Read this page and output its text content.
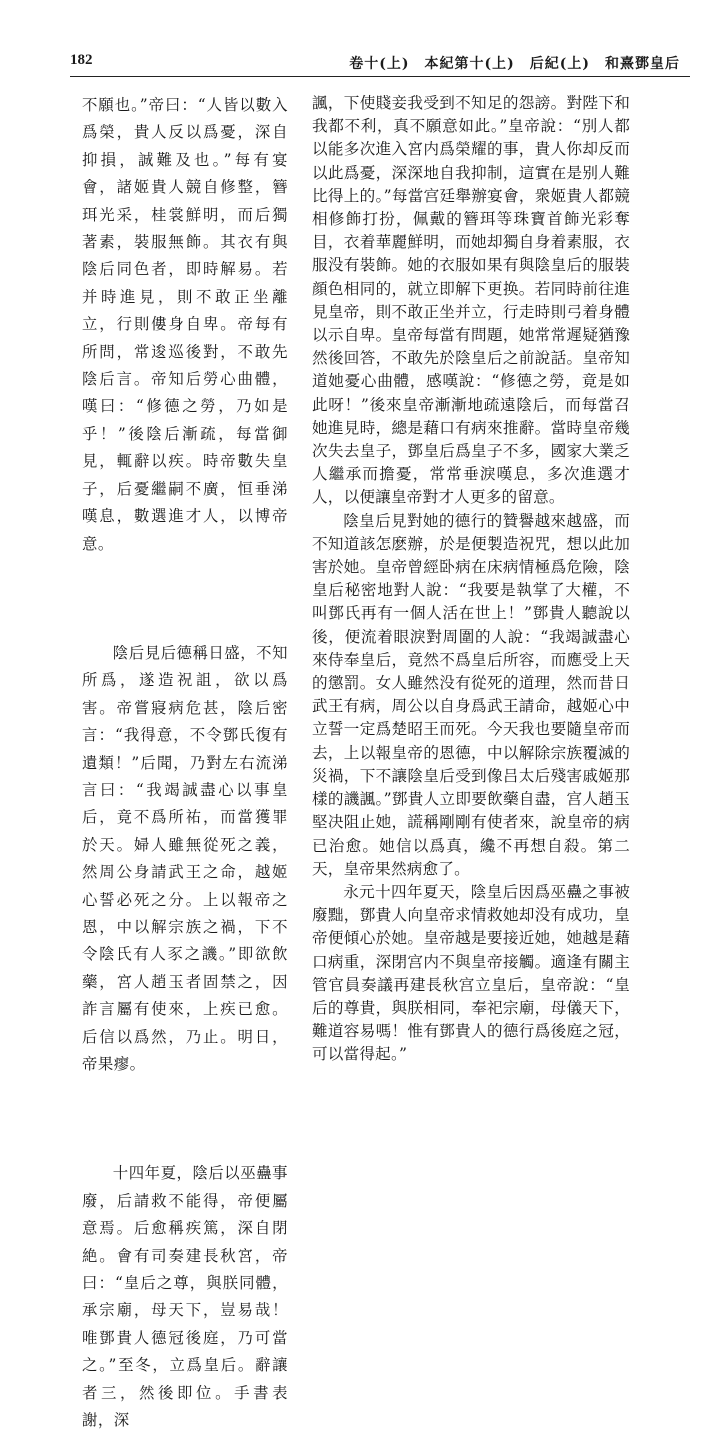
182	卷十(上)　本紀第十(上)　后紀(上)　和熹鄧皇后

不願也。”帝曰：“人皆以數入爲榮，貴人反以爲憂，深自抑損，誠難及也。”每有宴會，諸姬貴人競自修整，簪珥光采，桂裳鮮明，而后獨著素，裝服無飾。其衣有與陰后同色者，即時解易。若并時進見，則不敢正坐離立，行則僂身自卑。帝每有所問，常逡巡後對，不敢先陰后言。帝知后勞心曲體，嘆曰：“修德之勞，乃如是乎！”後陰后漸疏，每當御見，輒辭以疾。時帝數失皇子，后憂繼嗣不廣，恒垂涕嘆息，數選進才人，以博帝意。

陰后見后德稱日盛，不知所爲，遂造祝詛，欲以爲害。帝嘗寢病危甚，陰后密言：“我得意，不令鄧氏復有遺類！”后聞，乃對左右流涕言曰：“我竭誠盡心以事皇后，竟不爲所祐，而當獲罪於天。婦人雖無從死之義，然周公身請武王之命，越姬心誓必死之分。上以報帝之恩，中以解宗族之禍，下不令陰氏有人豕之譏。”即欲飲藥，宮人趙玉者固禁之，因詐言屬有使來，上疾已愈。后信以爲然，乃止。明日，帝果瘳。

十四年夏，陰后以巫蠱事廢，后請救不能得，帝便屬意焉。后愈稱疾篤，深自閉絶。會有司奏建長秋宮，帝曰：“皇后之尊，與朕同體，承宗廟，母天下，豈易哉！唯鄧貴人德冠後庭，乃可當之。”至冬，立爲皇后。辭讓者三，然後即位。手書表謝，深

諷，下使賤妾我受到不知足的怨謗。對陛下和我都不利，真不願意如此。”皇帝說：“別人都以能多次進入宮内爲榮耀的事，貴人你却反而以此爲憂，深深地自我抑制，這實在是别人難比得上的。”每當宫廷舉辦宴會，衆姬貴人都競相修飾打扮，佩戴的簪珥等珠寶首飾光彩奪目，衣着華麗鮮明，而她却獨自身着素服，衣服没有裝飾。她的衣服如果有與陰皇后的服裝顔色相同的，就立即解下更换。若同時前往進見皇帝，則不敢正坐并立，行走時則弓着身體以示自卑。皇帝每當有問題，她常常遲疑猶豫然後回答，不敢先於陰皇后之前說話。皇帝知道她憂心曲體，感嘆說：“修德之勞，竟是如此呀！”後來皇帝漸漸地疏遠陰后，而每當召她進見時，總是藉口有病來推辭。當時皇帝幾次失去皇子，鄧皇后爲皇子不多，國家大業乏人繼承而擔憂，常常垂淚嘆息，多次進選才人，以便讓皇帝對才人更多的留意。

陰皇后見對她的德行的贊譽越來越盛，而不知道該怎麽辦，於是便製造祝咒，想以此加害於她。皇帝曾經卧病在床病情極爲危險，陰皇后秘密地對人說：“我要是執掌了大權，不叫鄧氏再有一個人活在世上！”鄧貴人聽說以後，便流着眼淚對周圍的人說：“我竭誠盡心來侍奉皇后，竟然不爲皇后所容，而應受上天的懲罰。女人雖然没有從死的道理，然而昔日武王有病，周公以自身爲武王請命，越姬心中立誓一定爲楚昭王而死。今天我也要隨皇帝而去，上以報皇帝的恩德，中以解除宗族覆滅的災禍，下不讓陰皇后受到像吕太后殘害戚姬那樣的譏諷。”鄧貴人立即要飲藥自盡，宫人趙玉堅决阻止她，謊稱剛剛有使者來，說皇帝的病已治愈。她信以爲真，纔不再想自殺。第二天，皇帝果然病愈了。

永元十四年夏天，陰皇后因爲巫蠱之事被廢黜，鄧貴人向皇帝求情救她却没有成功，皇帝便傾心於她。皇帝越是要接近她，她越是藉口病重，深閉宫内不與皇帝接觸。適逢有關主管官員奏議再建長秋宫立皇后，皇帝說：“皇后的尊貴，與朕相同，奉祀宗廟，母儀天下，難道容易嗎！惟有鄧貴人的德行爲後庭之冠，可以當得起。”
